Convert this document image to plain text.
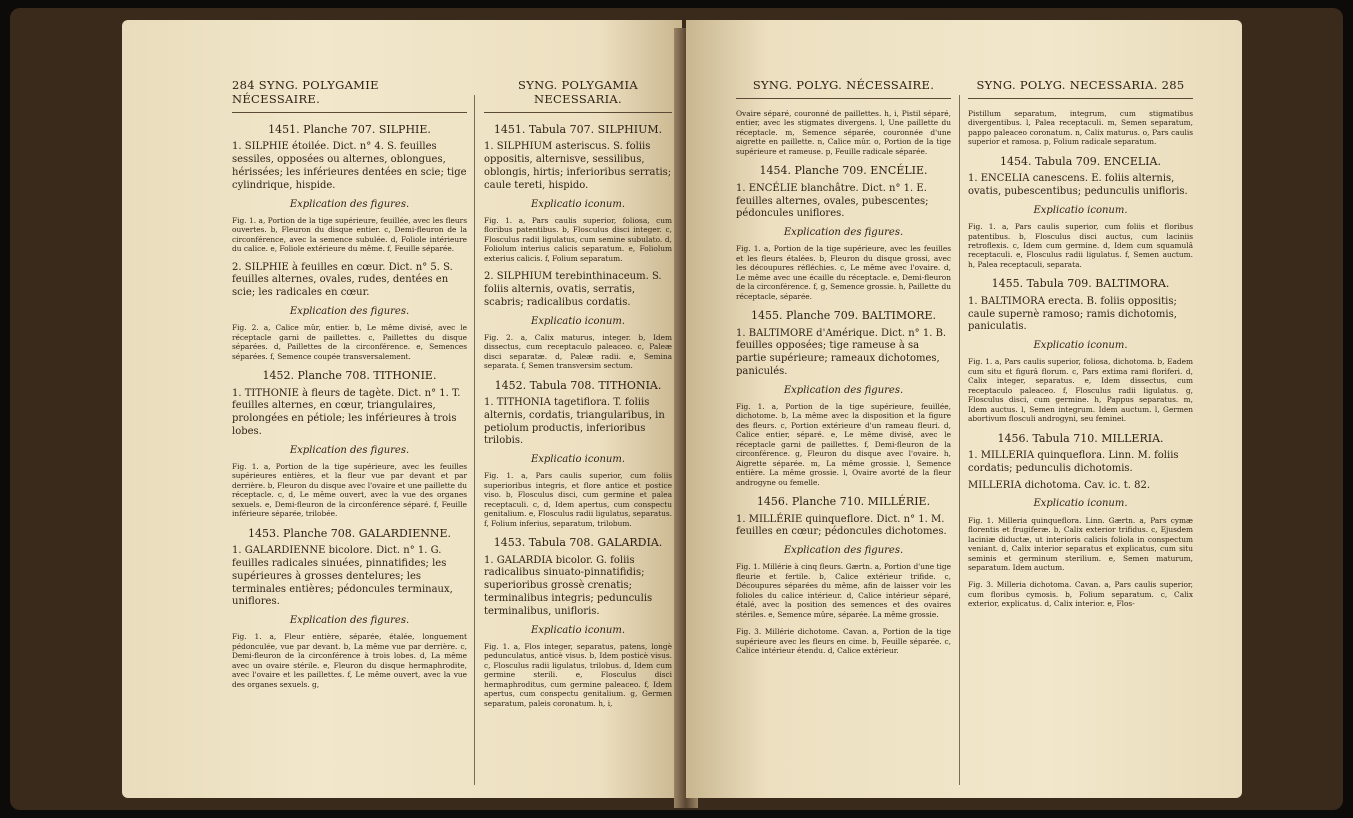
284 SYNG. POLYGAMIE NÉCESSAIRE.
1451. Planche 707. SILPHIE.
1. SILPHIE étoilée. Dict. n° 4. S. feuilles sessiles, opposées ou alternes, oblongues, hérissées; les inférieures dentées en scie; tige cylindrique, hispide.
Explication des figures.
Fig. 1. a, Portion de la tige supérieure, feuillée, avec les fleurs ouvertes. b, Fleuron du disque entier. c, Demi-fleuron de la circonférence, avec la semence subulée. d, Foliole intérieure du calice. e, Foliole extérieure du même. f, Feuille séparée.
2. SILPHIE à feuilles en cœur. Dict. n° 5. S. feuilles alternes, ovales, rudes, dentées en scie; les radicales en cœur.
Explication des figures.
Fig. 2. a, Calice mûr, entier. b, Le même divisé, avec le réceptacle garni de paillettes. c, Paillettes du disque séparées. d, Paillettes de la circonférence. e, Semences séparées. f, Semence coupée transversalement.
1452. Planche 708. TITHONIE.
1. TITHONIE à fleurs de tagète. Dict. n° 1. T. feuilles alternes, en cœur, triangulaires, prolongées en pétiole; les inférieures à trois lobes.
Explication des figures.
Fig. 1. a, Portion de la tige supérieure, avec les feuilles supérieures entières, et la fleur vue par devant et par derrière. b, Fleuron du disque avec l'ovaire et une paillette du réceptacle. c, d, Le même ouvert, avec la vue des organes sexuels. e, Demi-fleuron de la circonférence séparé. f, Feuille inférieure séparée, trilobée.
1453. Planche 708. GALARDIENNE.
1. GALARDIENNE bicolore. Dict. n° 1. G. feuilles radicales sinuées, pinnatifides; les supérieures à grosses dentelures; les terminales entières; pédoncules terminaux, uniflores.
Explication des figures.
Fig. 1. a, Fleur entière, séparée, étalée, longuement pédonculée, vue par devant. b, La même vue par derrière. c, Demi-fleuron de la circonférence à trois lobes. d, La même avec un ovaire stérile. e, Fleuron du disque hermaphrodite, avec l'ovaire et les paillettes. f, Le même ouvert, avec la vue des organes sexuels. g,
SYNG. POLYGAMIA NECESSARIA.
1451. Tabula 707. SILPHIUM.
1. SILPHIUM asteriscus. S. foliis oppositis, alternisve, sessilibus, oblongis, hirtis; inferioribus serratis; caule tereti, hispido.
Explicatio iconum.
Fig. 1. a, Pars caulis superior, foliosa, cum floribus patentibus. b, Flosculus disci integer. c, Flosculus radii ligulatus, cum semine subulato. d, Foliolum interius calicis separatum. e, Foliolum exterius calicis. f, Folium separatum.
2. SILPHIUM terebinthinaceum. S. foliis alternis, ovatis, serratis, scabris; radicalibus cordatis.
Explicatio iconum.
Fig. 2. a, Calix maturus, integer. b, Idem dissectus, cum receptaculo paleaceo. c, Paleæ disci separatæ. d, Paleæ radii. e, Semina separata. f, Semen transversim sectum.
1452. Tabula 708. TITHONIA.
1. TITHONIA tagetiflora. T. foliis alternis, cordatis, triangularibus, in petiolum productis, inferioribus trilobis.
Explicatio iconum.
Fig. 1. a, Pars caulis superior, cum foliis superioribus integris, et flore antice et postice viso. b, Flosculus disci, cum germine et palea receptaculi. c, d, Idem apertus, cum conspectu genitalium. e, Flosculus radii ligulatus, separatus. f, Folium inferius, separatum, trilobum.
1453. Tabula 708. GALARDIA.
1. GALARDIA bicolor. G. foliis radicalibus sinuato-pinnatifidis; superioribus grossè crenatis; terminalibus integris; pedunculis terminalibus, unifloris.
Explicatio iconum.
Fig. 1. a, Flos integer, separatus, patens, longè pedunculatus, anticè visus. b, Idem posticè visus. c, Flosculus radii ligulatus, trilobus. d, Idem cum germine sterili. e, Flosculus disci hermaphroditus, cum germine paleaceo. f, Idem apertus, cum conspectu genitalium. g, Germen separatum, paleis coronatum. h, i,
SYNG. POLYG. NÉCESSAIRE.
Ovaire séparé, couronné de paillettes. h, i, Pistil séparé, entier, avec les stigmates divergens. l, Une paillette du réceptacle. m, Semence séparée, couronnée d'une aigrette en paillette. n, Calice mûr. o, Portion de la tige supérieure et rameuse. p, Feuille radicale séparée.
1454. Planche 709. ENCÉLIE.
1. ENCÉLIE blanchâtre. Dict. n° 1. E. feuilles alternes, ovales, pubescentes; pédoncules uniflores.
Explication des figures.
Fig. 1. a, Portion de la tige supérieure, avec les feuilles et les fleurs étalées. b, Fleuron du disque grossi, avec les découpures réfléchies. c, Le même avec l'ovaire. d, Le même avec une écaille du réceptacle. e, Demi-fleuron de la circonférence. f, g, Semence grossie. h, Paillette du réceptacle, séparée.
1455. Planche 709. BALTIMORE.
1. BALTIMORE d'Amérique. Dict. n° 1. B. feuilles opposées; tige rameuse à sa partie supérieure; rameaux dichotomes, paniculés.
Explication des figures.
Fig. 1. a, Portion de la tige supérieure, feuillée, dichotome. b, La même avec la disposition et la figure des fleurs. c, Portion extérieure d'un rameau fleuri. d, Calice entier, séparé. e, Le même divisé, avec le réceptacle garni de paillettes. f, Demi-fleuron de la circonférence. g, Fleuron du disque avec l'ovaire. h, Aigrette séparée. m, La même grossie. l, Semence entière. La même grossie. l, Ovaire avorté de la fleur androgyne ou femelle.
1456. Planche 710. MILLÉRIE.
1. MILLÉRIE quinqueflore. Dict. n° 1. M. feuilles en cœur; pédoncules dichotomes.
Explication des figures.
Fig. 1. Millérie à cinq fleurs. Gærtn. a, Portion d'une tige fleurie et fertile. b, Calice extérieur trifide. c, Découpures séparées du même, afin de laisser voir les folioles du calice intérieur. d, Calice intérieur séparé, étalé, avec la position des semences et des ovaires stériles. e, Semence mûre, séparée. La même grossie.
Fig. 3. Millérie dichotome. Cavan. a, Portion de la tige supérieure avec les fleurs en cime. b, Feuille séparée. c, Calice intérieur étendu. d, Calice extérieur.
SYNG. POLYG. NECESSARIA. 285
Pistillum separatum, integrum, cum stigmatibus divergentibus. l, Palea receptaculi. m, Semen separatum, pappo paleaceo coronatum. n, Calix maturus. o, Pars caulis superior et ramosa. p, Folium radicale separatum.
1454. Tabula 709. ENCELIA.
1. ENCELIA canescens. E. foliis alternis, ovatis, pubescentibus; pedunculis unifloris.
Explicatio iconum.
Fig. 1. a, Pars caulis superior, cum foliis et floribus patentibus. b, Flosculus disci auctus, cum laciniis retroflexis. c, Idem cum germine. d, Idem cum squamulâ receptaculi. e, Flosculus radii ligulatus. f, Semen auctum. h, Palea receptaculi, separata.
1455. Tabula 709. BALTIMORA.
1. BALTIMORA erecta. B. foliis oppositis; caule supernè ramoso; ramis dichotomis, paniculatis.
Explicatio iconum.
Fig. 1. a, Pars caulis superior, foliosa, dichotoma. b, Eadem cum situ et figurâ florum. c, Pars extima rami floriferi. d, Calix integer, separatus. e, Idem dissectus, cum receptaculo paleaceo. f, Flosculus radii ligulatus. g, Flosculus disci, cum germine. h, Pappus separatus. m, Idem auctus. l, Semen integrum. Idem auctum. l, Germen abortivum flosculi androgyni, seu feminei.
1456. Tabula 710. MILLERIA.
1. MILLERIA quinqueflora. Linn. M. foliis cordatis; pedunculis dichotomis.
MILLERIA dichotoma. Cav. ic. t. 82.
Explicatio iconum.
Fig. 1. Milleria quinqueflora. Linn. Gærtn. a, Pars cymæ florentis et frugiferæ. b, Calix exterior trifidus. c, Ejusdem laciniæ diductæ, ut interioris calicis foliola in conspectum veniant. d, Calix interior separatus et explicatus, cum situ seminis et germinum sterilium. e, Semen maturum, separatum. Idem auctum.
Fig. 3. Milleria dichotoma. Cavan. a, Pars caulis superior, cum floribus cymosis. b, Folium separatum. c, Calix exterior, explicatus. d, Calix interior. e, Flos-
